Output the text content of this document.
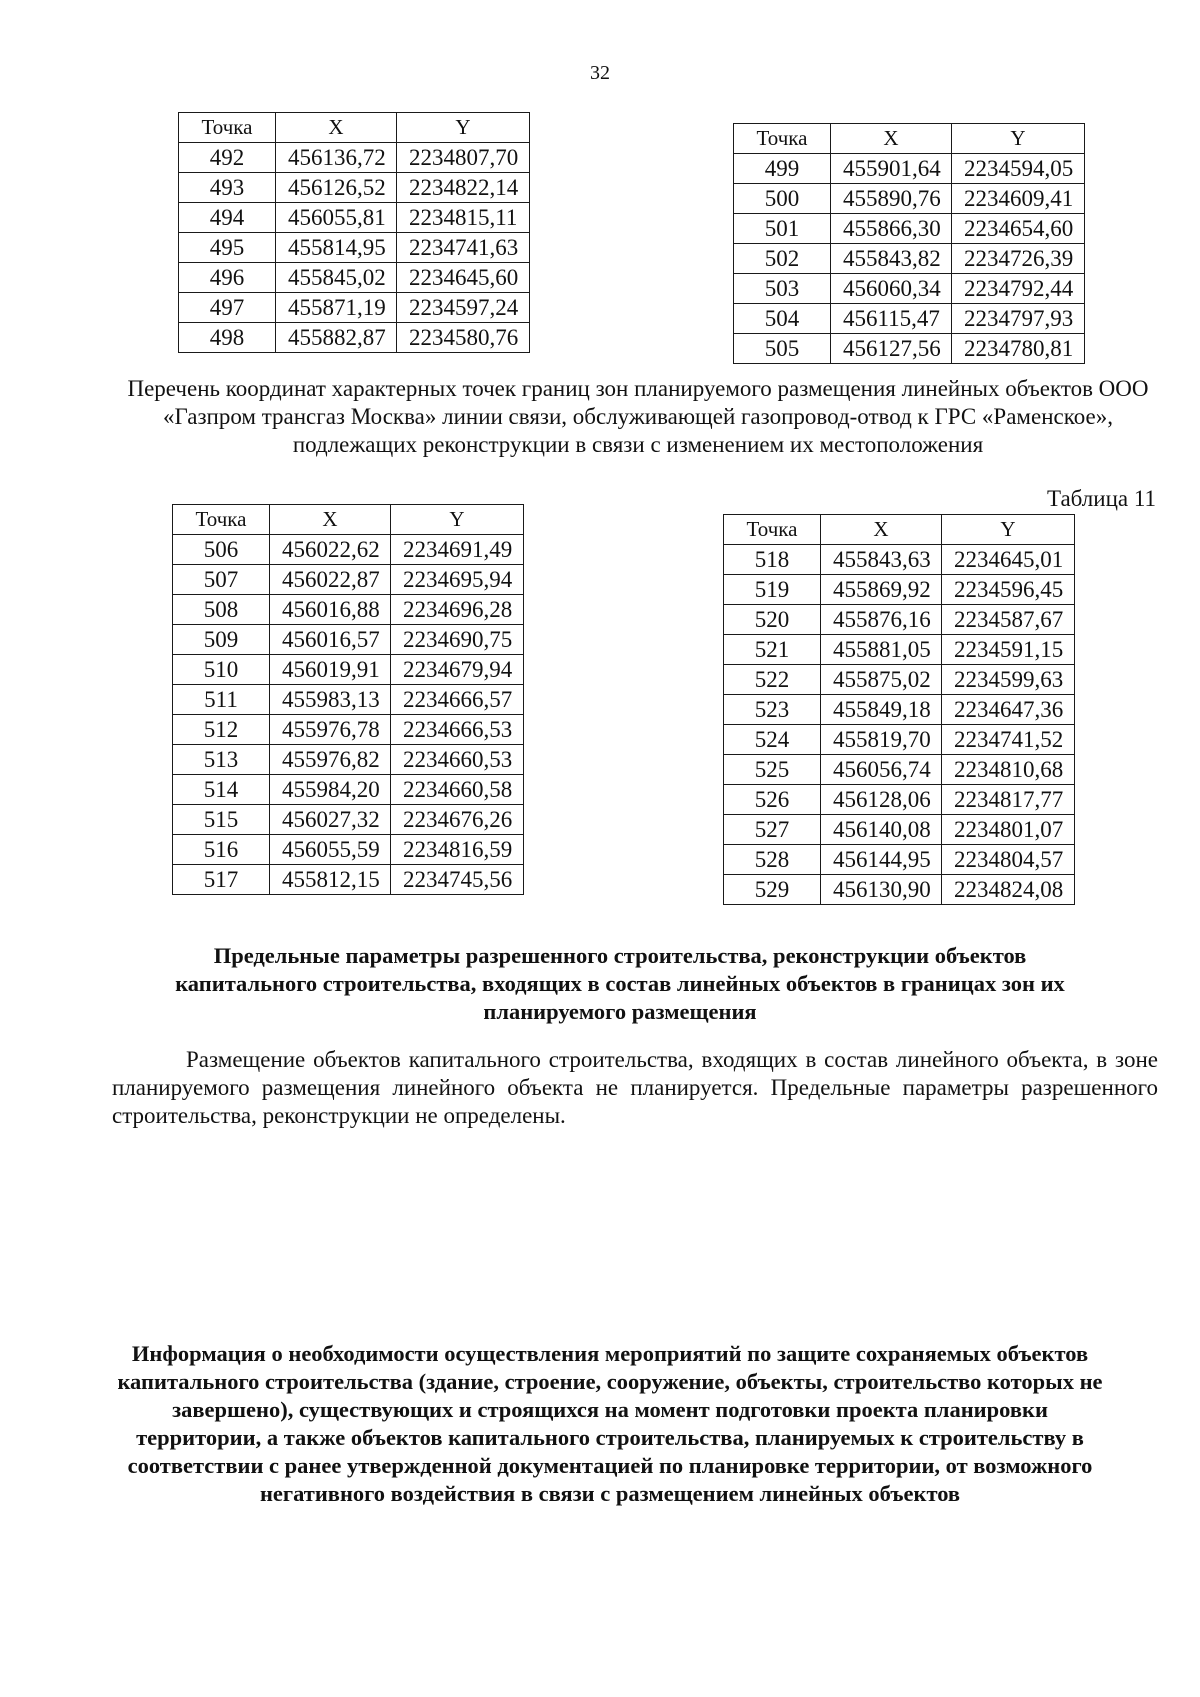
32
Точка	X	Y
492	456136,72	2234807,70
493	456126,52	2234822,14
494	456055,81	2234815,11
495	455814,95	2234741,63
496	455845,02	2234645,60
497	455871,19	2234597,24
498	455882,87	2234580,76
Точка	X	Y
499	455901,64	2234594,05
500	455890,76	2234609,41
501	455866,30	2234654,60
502	455843,82	2234726,39
503	456060,34	2234792,44
504	456115,47	2234797,93
505	456127,56	2234780,81
Перечень координат характерных точек границ зон планируемого размещения линейных объектов ООО «Газпром трансгаз Москва» линии связи, обслуживающей газопровод-отвод к ГРС «Раменское», подлежащих реконструкции в связи с изменением их местоположения
Таблица 11
Точка	X	Y
506	456022,62	2234691,49
507	456022,87	2234695,94
508	456016,88	2234696,28
509	456016,57	2234690,75
510	456019,91	2234679,94
511	455983,13	2234666,57
512	455976,78	2234666,53
513	455976,82	2234660,53
514	455984,20	2234660,58
515	456027,32	2234676,26
516	456055,59	2234816,59
517	455812,15	2234745,56
Точка	X	Y
518	455843,63	2234645,01
519	455869,92	2234596,45
520	455876,16	2234587,67
521	455881,05	2234591,15
522	455875,02	2234599,63
523	455849,18	2234647,36
524	455819,70	2234741,52
525	456056,74	2234810,68
526	456128,06	2234817,77
527	456140,08	2234801,07
528	456144,95	2234804,57
529	456130,90	2234824,08
Предельные параметры разрешенного строительства, реконструкции объектов капитального строительства, входящих в состав линейных объектов в границах зон их планируемого размещения
Размещение объектов капитального строительства, входящих в состав линейного объекта, в зоне планируемого размещения линейного объекта не планируется. Предельные параметры разрешенного строительства, реконструкции не определены.
Информация о необходимости осуществления мероприятий по защите сохраняемых объектов капитального строительства (здание, строение, сооружение, объекты, строительство которых не завершено), существующих и строящихся на момент подготовки проекта планировки территории, а также объектов капитального строительства, планируемых к строительству в соответствии с ранее утвержденной документацией по планировке территории, от возможного негативного воздействия в связи с размещением линейных объектов
